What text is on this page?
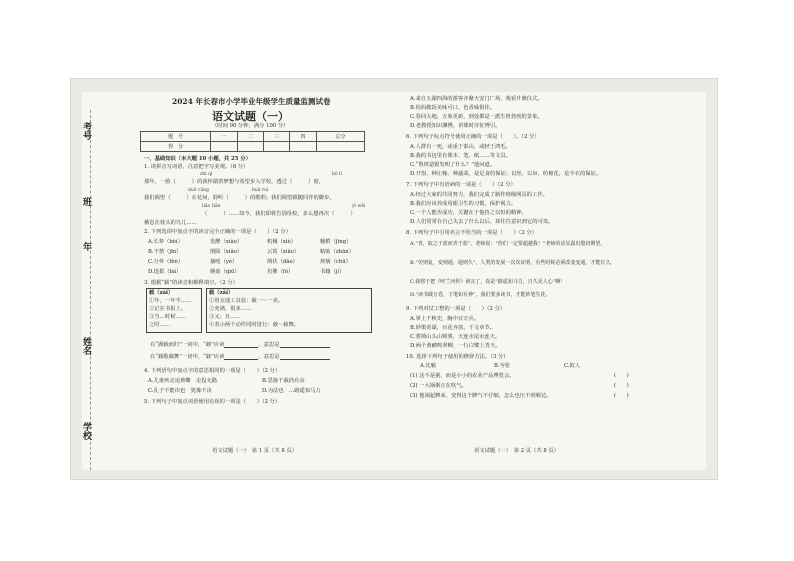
考号
班
年
姓名
学校
2024 年长春市小学毕业年级学生质量监测试卷
语文试题（一）
（时间 90 分钟，满分 100 分）
题　号	一	二	三	四	总分
得　分					
一、基础知识（本大题 10 小题，共 25 分）
1. 读拼音写词语，注意把字写美观。（6 分）
zhì qì	bō lí
那年，一脸（　　　）的我怀揣着梦想与希望步入学校，透过（　　　）窗，
duō cāng	huǎ ruì
我们渴望（　　　）在花间，聆听（　　　）的歌唱；我们渴望跟随同伴的脚步，
liáo tiān	yī wēi
（　　　）……如今，我们即将告别母校，多么想再次（　　　）
栖息在枝头的鸟儿……
2. 下列选项中加点字的读音完全正确的一项是（　　）（2 分）
A.长辈（bèi）	发酵（xiào）	机械（xiè）	粳稻（jīng）
B.不禁（jīn）	削除（xiāo）	云霄（xiāo）	粘贴（zhān）
C.分外（fèn）	抽噎（yè）	倒伏（dǎo）	烦恼（chū）
D.选拔（bá）	蘑菇（qiū）	仿佛（fó）	书籍（jí）
3. 根据“载”的读音和解释填空。（2 分）
载（zài）
①年，一年半……
②记在书报上。
③当…时候……
之时……
载（zǎi）
①用交通工具装：载一～一美。
②充满，很多……
③又；且……
④表示两个动作同时进行：载～载舞。
在“满载而归”一词中，“载”应读	，意思是
在“载歌载舞”一词中，“载”应读	，意思是
4. 下列语句中加点字的意思相同的一项是（　　）（2 分）
A.儿童疾走追黄蝶　走投无路	B.思接千载尚有余
C.孔子不能决也　犹豫不决	D.为法也　…路遥知马力
5. 下列句子中加点词语使用有误的一项是（　　）（2 分）
语文试题（一）　第 1 页（共 8 页）
A.来自五湖四海的游客齐聚天安门广场，观看升旗仪式。
B.妈妈做饭美味可口，色香味俱佳。
C.春回大地，万象更新，到处都是一派生机勃勃的景象。
D.老教授知识渊博，讲课时旁征博引。
6. 下列句子标点符号使用正确的一项是（　　）。（2 分）
A.人群有一死，或重于泰山，或轻于鸿毛。
B.我的书包里有课本、笔、纸……等文具。
C.“鲁班造锯发明了什么？”他问道。
D.开窗、种庄稼、种蔬菜，是足食的保证；以丝、以帛、纺棉花，是丰衣的保证。
7. 下列句子中有语病的一项是（　　）（2 分）
A.经过大家的共同努力，我们完成了制作班级网页的工作。
B.我们应该养成用眼卫生的习惯，保护视力。
C.一个人能否成功，关键在于他持之以恒的精神。
D.人们常常在自己失去了什么以后，却往往意识到它的可贵。
8. 下列句子中引用名言不恰当的一项是（　　）（2 分）
A.“青，取之于蓝而青于蓝”，老师说：“你们一定要超越我！”老师的话显露出殷切期望。
B.“劳则复，变则通，通则久”，人类的发展一次次证明，有些时候必须改变变通，才能长久。
C.我将于把《呼兰河传》读完了，真是“路遥知马力，日久见人心”啊！
D.“读书破万卷，下笔如有神”，我们要多读书，才能妙笔生花。
9. 下列对仗工整的一项是（　　）（2 分）
A.掌上千秋史，胸中百万兵。
B.妙策奇谋，百花齐放。千文章节。
C.雾锁山头山锁雾，天连水尾水连天。
D.两个黄鹂鸣翠柳，一行白鹭上青天。
10. 选择下列句子使用的修辞方法。（3 分）
A.比喻	B.夸张	C.拟人
(1) 这不是粥，而是小小的农业产品博览会。	(　　)
(2) 一大锅粥正在吹气。	(　　)
(3) 他闹起脾来，变得这个脾气不仔细，怎么也压不到喔边。	(　　)
语文试题（一）　第 2 页（共 8 页）
